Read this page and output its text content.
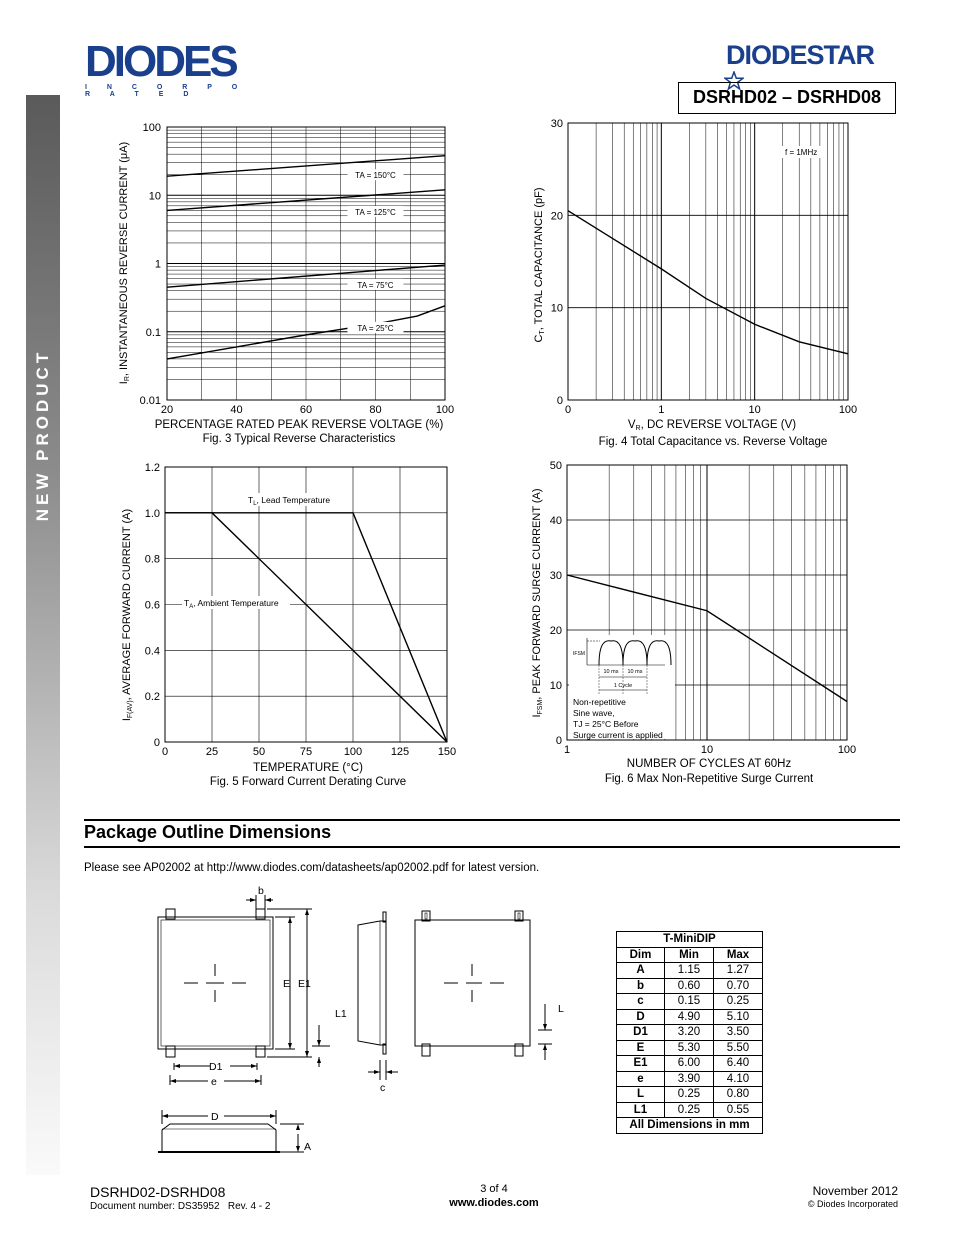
NEW PRODUCT
DIODES
I N C O R P O R A T E D
DIODESTAR
DSRHD02 – DSRHD08
TA = 150°C
TA = 125°C
TA = 75°C
TA = 25°C
100
10
1
0.1
0.01
20	40	60	80	100
PERCENTAGE RATED PEAK REVERSE VOLTAGE (%)
Fig. 3 Typical Reverse Characteristics
IR, INSTANTANEOUS REVERSE CURRENT (μA)
30
20
10
0
0	1	10	100
f = 1MHz
VR, DC REVERSE VOLTAGE (V)
Fig. 4 Total Capacitance vs. Reverse Voltage
CT, TOTAL CAPACITANCE (pF)
1.2
1.0
0.8
0.6
0.4
0.2
0
0	25	50	75	100	125	150
$T_L$, Lead Temperature
$T_A$, Ambient Temperature
TEMPERATURE (°C)
Fig. 5 Forward Current Derating Curve
IF(AV), AVERAGE FORWARD CURRENT (A)
50
40
30
20
10
0
1	10	100
IFSM
10 ms 10 ms
1 Cycle
Non-repetitive
Sine wave,
TJ = 25°C Before
Surge current is applied
NUMBER OF CYCLES AT 60Hz
Fig. 6 Max Non-Repetitive Surge Current
IFSM, PEAK FORWARD SURGE CURRENT (A)
Package Outline Dimensions
Please see AP02002 at http://www.diodes.com/datasheets/ap02002.pdf for latest version.
b
E E1
L1
D1
e	c
L
D
A
T-MiniDIP		
Dim	Min	Max
A	1.15	1.27
b	0.60	0.70
c	0.15	0.25
D	4.90	5.10
D1	3.20	3.50
E	5.30	5.50
E1	6.00	6.40
e	3.90	4.10
L	0.25	0.80
L1	0.25	0.55
All Dimensions in mm		
DSRHD02-DSRHD08
Document number: DS35952   Rev. 4 - 2
3 of 4
www.diodes.com
November 2012
© Diodes Incorporated
